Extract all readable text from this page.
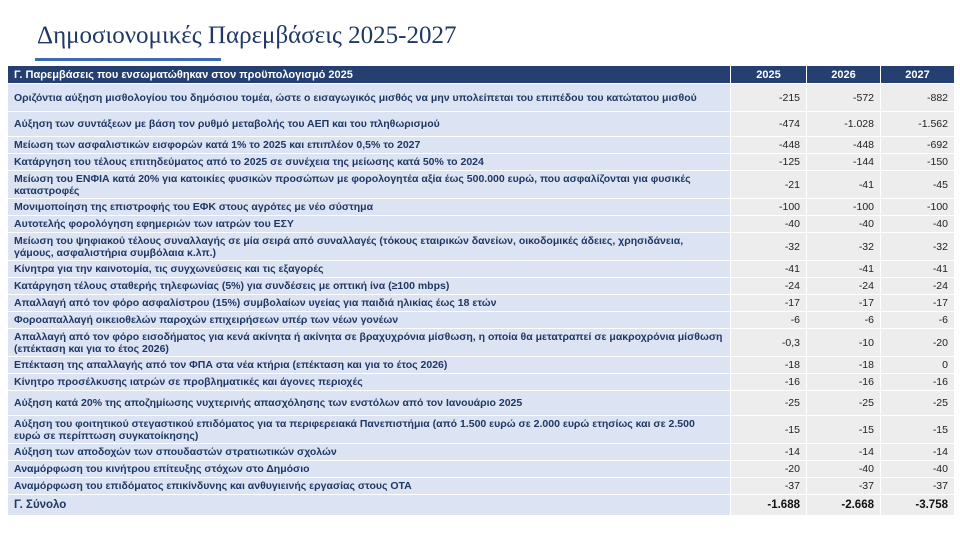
Δημοσιονομικές Παρεμβάσεις 2025-2027
Γ. Παρεμβάσεις που ενσωματώθηκαν στον προϋπολογισμό 2025	2025	2026	2027
Οριζόντια αύξηση μισθολογίου του δημόσιου τομέα, ώστε ο εισαγωγικός μισθός να μην υπολείπεται του επιπέδου του κατώτατου μισθού	-215	-572	-882
Αύξηση των συντάξεων με βάση τον ρυθμό μεταβολής του ΑΕΠ και του πληθωρισμού	-474	-1.028	-1.562
Μείωση των ασφαλιστικών εισφορών κατά 1% το 2025 και επιπλέον 0,5% το 2027	-448	-448	-692
Κατάργηση του τέλους επιτηδεύματος από το 2025 σε συνέχεια της μείωσης κατά 50% το 2024	-125	-144	-150
Μείωση του ΕΝΦΙΑ κατά 20% για κατοικίες φυσικών προσώπων με φορολογητέα αξία έως 500.000 ευρώ, που ασφαλίζονται για φυσικές καταστροφές	-21	-41	-45
Μονιμοποίηση της επιστροφής του ΕΦΚ στους αγρότες με νέο σύστημα	-100	-100	-100
Αυτοτελής φορολόγηση εφημεριών των ιατρών του ΕΣΥ	-40	-40	-40
Μείωση του ψηφιακού τέλους συναλλαγής σε μία σειρά από συναλλαγές (τόκους εταιρικών δανείων, οικοδομικές άδειες, χρησιδάνεια, γάμους, ασφαλιστήρια συμβόλαια κ.λπ.)	-32	-32	-32
Κίνητρα για την καινοτομία, τις συγχωνεύσεις και τις εξαγορές	-41	-41	-41
Κατάργηση τέλους σταθερής τηλεφωνίας (5%) για συνδέσεις με οπτική ίνα (≥100 mbps)	-24	-24	-24
Απαλλαγή από τον φόρο ασφαλίστρου (15%) συμβολαίων υγείας για παιδιά ηλικίας έως 18 ετών	-17	-17	-17
Φοροαπαλλαγή οικειοθελών παροχών επιχειρήσεων υπέρ των νέων γονέων	-6	-6	-6
Απαλλαγή από τον φόρο εισοδήματος για κενά ακίνητα ή ακίνητα σε βραχυχρόνια μίσθωση, η οποία θα μετατραπεί σε μακροχρόνια μίσθωση (επέκταση και για το έτος 2026)	-0,3	-10	-20
Επέκταση της απαλλαγής από τον ΦΠΑ στα νέα κτήρια (επέκταση και για το έτος 2026)	-18	-18	0
Κίνητρο προσέλκυσης ιατρών σε προβληματικές και άγονες περιοχές	-16	-16	-16
Αύξηση κατά 20% της αποζημίωσης νυχτερινής απασχόλησης των ενστόλων από τον Ιανουάριο 2025	-25	-25	-25
Αύξηση του φοιτητικού στεγαστικού επιδόματος για τα περιφερειακά Πανεπιστήμια (από 1.500 ευρώ σε 2.000 ευρώ ετησίως και σε 2.500 ευρώ σε περίπτωση συγκατοίκησης)	-15	-15	-15
Αύξηση των αποδοχών των σπουδαστών στρατιωτικών σχολών	-14	-14	-14
Αναμόρφωση του κινήτρου επίτευξης στόχων στο Δημόσιο	-20	-40	-40
Αναμόρφωση του επιδόματος επικίνδυνης και ανθυγιεινής εργασίας στους ΟΤΑ	-37	-37	-37
Γ. Σύνολο	-1.688	-2.668	-3.758
